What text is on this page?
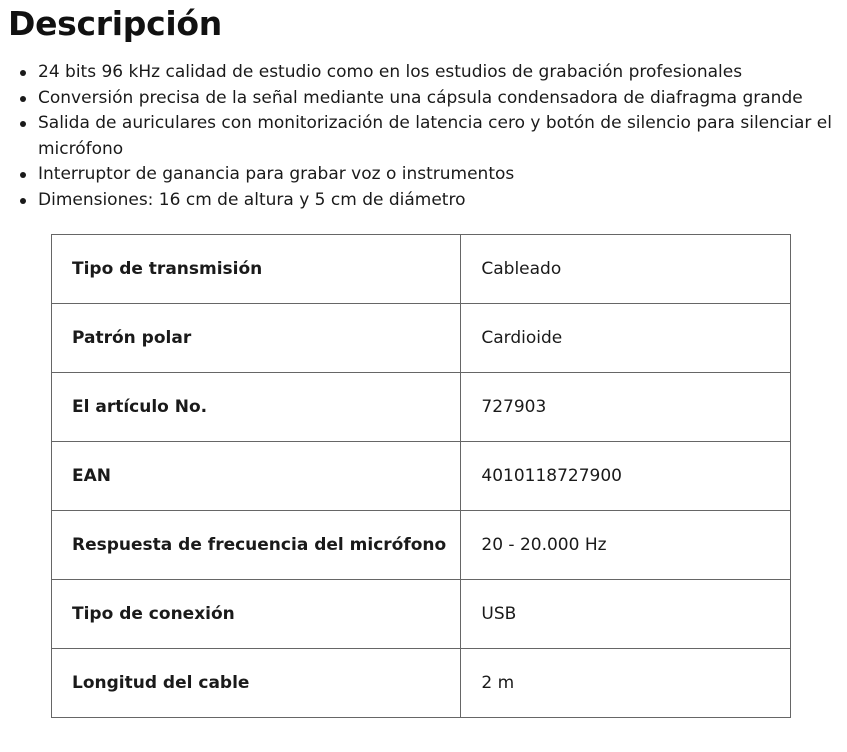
Descripción
24 bits 96 kHz calidad de estudio como en los estudios de grabación profesionales
Conversión precisa de la señal mediante una cápsula condensadora de diafragma grande
Salida de auriculares con monitorización de latencia cero y botón de silencio para silenciar el micrófono
Interruptor de ganancia para grabar voz o instrumentos
Dimensiones: 16 cm de altura y 5 cm de diámetro
Tipo de transmisión	Cableado
Patrón polar	Cardioide
El artículo No.	727903
EAN	4010118727900
Respuesta de frecuencia del micrófono	20 - 20.000 Hz
Tipo de conexión	USB
Longitud del cable	2 m
